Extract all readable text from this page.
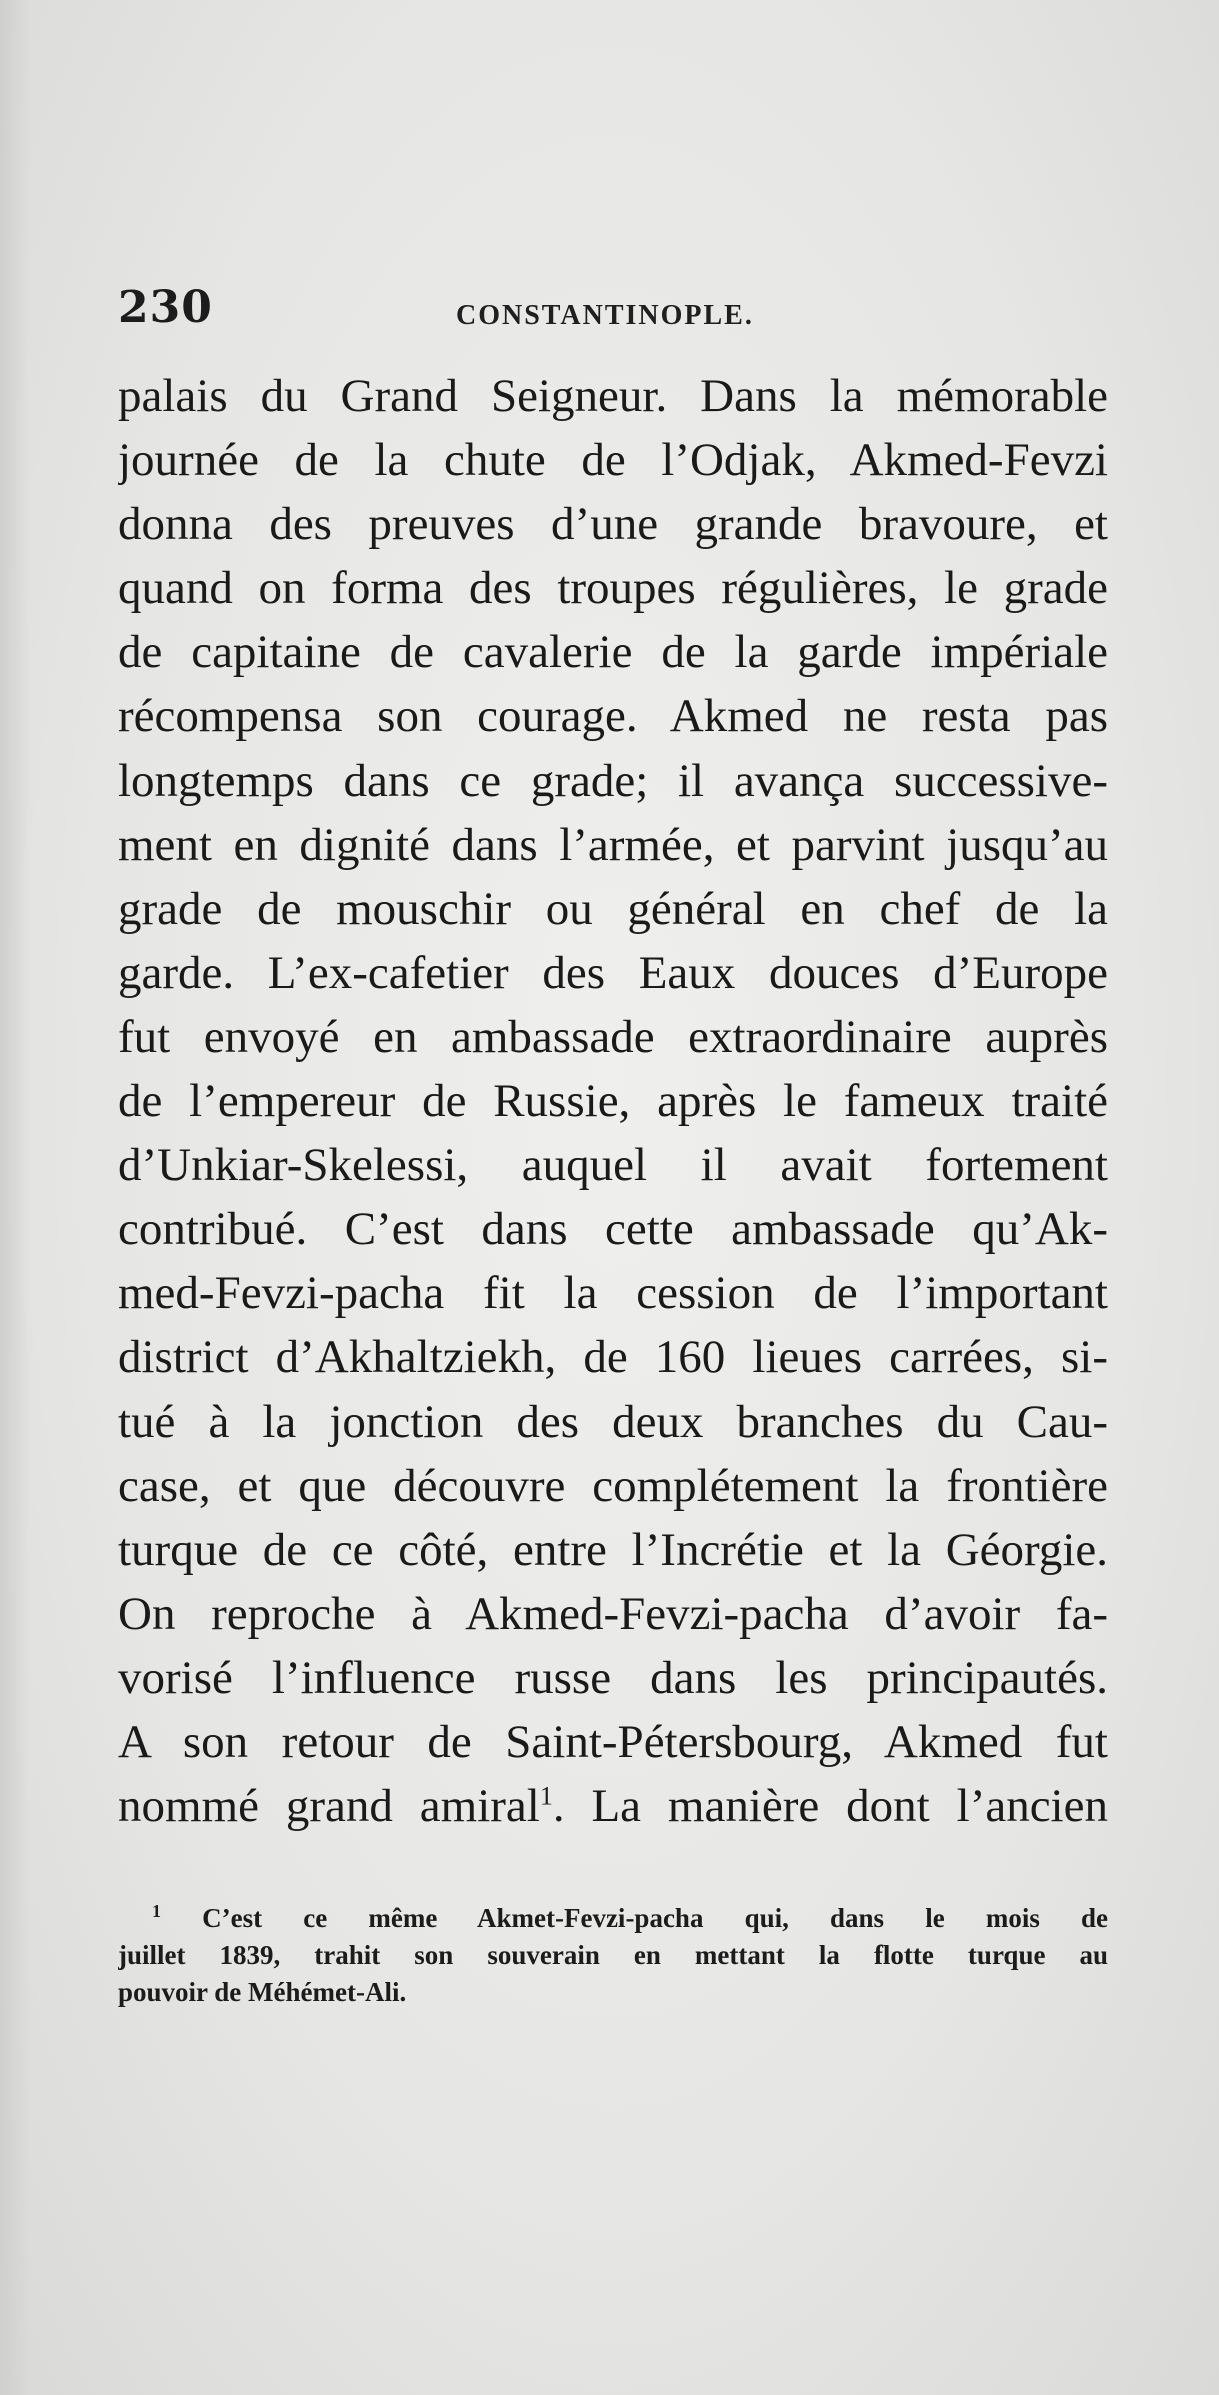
230	CONSTANTINOPLE.
palais du Grand Seigneur. Dans la mémorable
journée de la chute de l’Odjak, Akmed-Fevzi
donna des preuves d’une grande bravoure, et
quand on forma des troupes régulières, le grade
de capitaine de cavalerie de la garde impériale
récompensa son courage. Akmed ne resta pas
longtemps dans ce grade; il avança successive-
ment en dignité dans l’armée, et parvint jusqu’au
grade de mouschir ou général en chef de la
garde. L’ex-cafetier des Eaux douces d’Europe
fut envoyé en ambassade extraordinaire auprès
de l’empereur de Russie, après le fameux traité
d’Unkiar-Skelessi, auquel il avait fortement
contribué. C’est dans cette ambassade qu’Ak-
med-Fevzi-pacha fit la cession de l’important
district d’Akhaltziekh, de 160 lieues carrées, si-
tué à la jonction des deux branches du Cau-
case, et que découvre complétement la frontière
turque de ce côté, entre l’Incrétie et la Géorgie.
On reproche à Akmed-Fevzi-pacha d’avoir fa-
vorisé l’influence russe dans les principautés.
A son retour de Saint-Pétersbourg, Akmed fut
nommé grand amiral$^1$. La manière dont l’ancien
$^1$ C’est ce même Akmet-Fevzi-pacha qui, dans le mois de
juillet 1839, trahit son souverain en mettant la flotte turque au
pouvoir de Méhémet-Ali.
